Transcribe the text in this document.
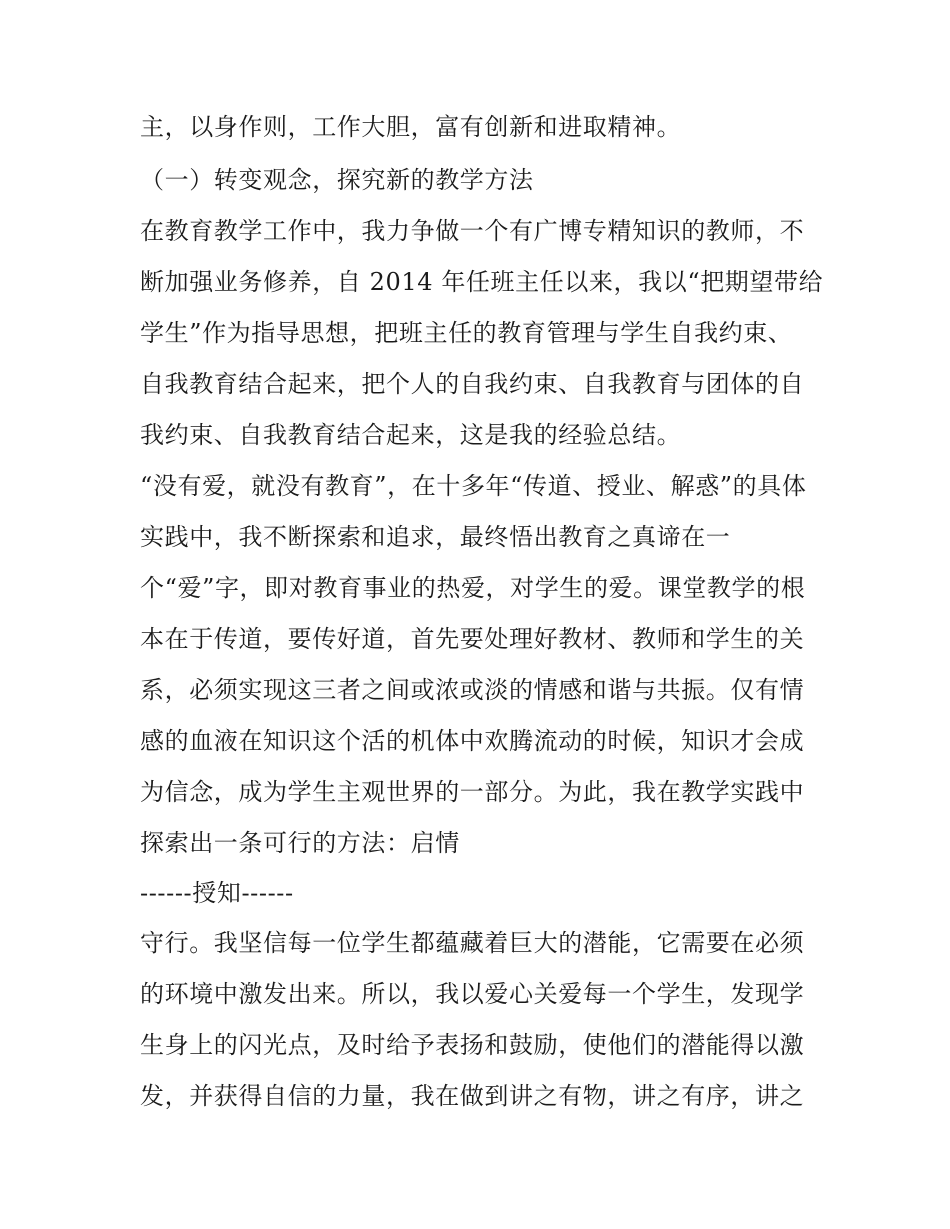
主，以身作则，工作大胆，富有创新和进取精神。
（一）转变观念，探究新的教学方法
在教育教学工作中，我力争做一个有广博专精知识的教师，不
断加强业务修养，自 2014 年任班主任以来，我以“把期望带给
学生”作为指导思想，把班主任的教育管理与学生自我约束、
自我教育结合起来，把个人的自我约束、自我教育与团体的自
我约束、自我教育结合起来，这是我的经验总结。
“没有爱，就没有教育”，在十多年“传道、授业、解惑”的具体
实践中，我不断探索和追求，最终悟出教育之真谛在一
个“爱”字，即对教育事业的热爱，对学生的爱。课堂教学的根
本在于传道，要传好道，首先要处理好教材、教师和学生的关
系，必须实现这三者之间或浓或淡的情感和谐与共振。仅有情
感的血液在知识这个活的机体中欢腾流动的时候，知识才会成
为信念，成为学生主观世界的一部分。为此，我在教学实践中
探索出一条可行的方法：启情
------授知------
守行。我坚信每一位学生都蕴藏着巨大的潜能，它需要在必须
的环境中激发出来。所以，我以爱心关爱每一个学生，发现学
生身上的闪光点，及时给予表扬和鼓励，使他们的潜能得以激
发，并获得自信的力量，我在做到讲之有物，讲之有序，讲之
